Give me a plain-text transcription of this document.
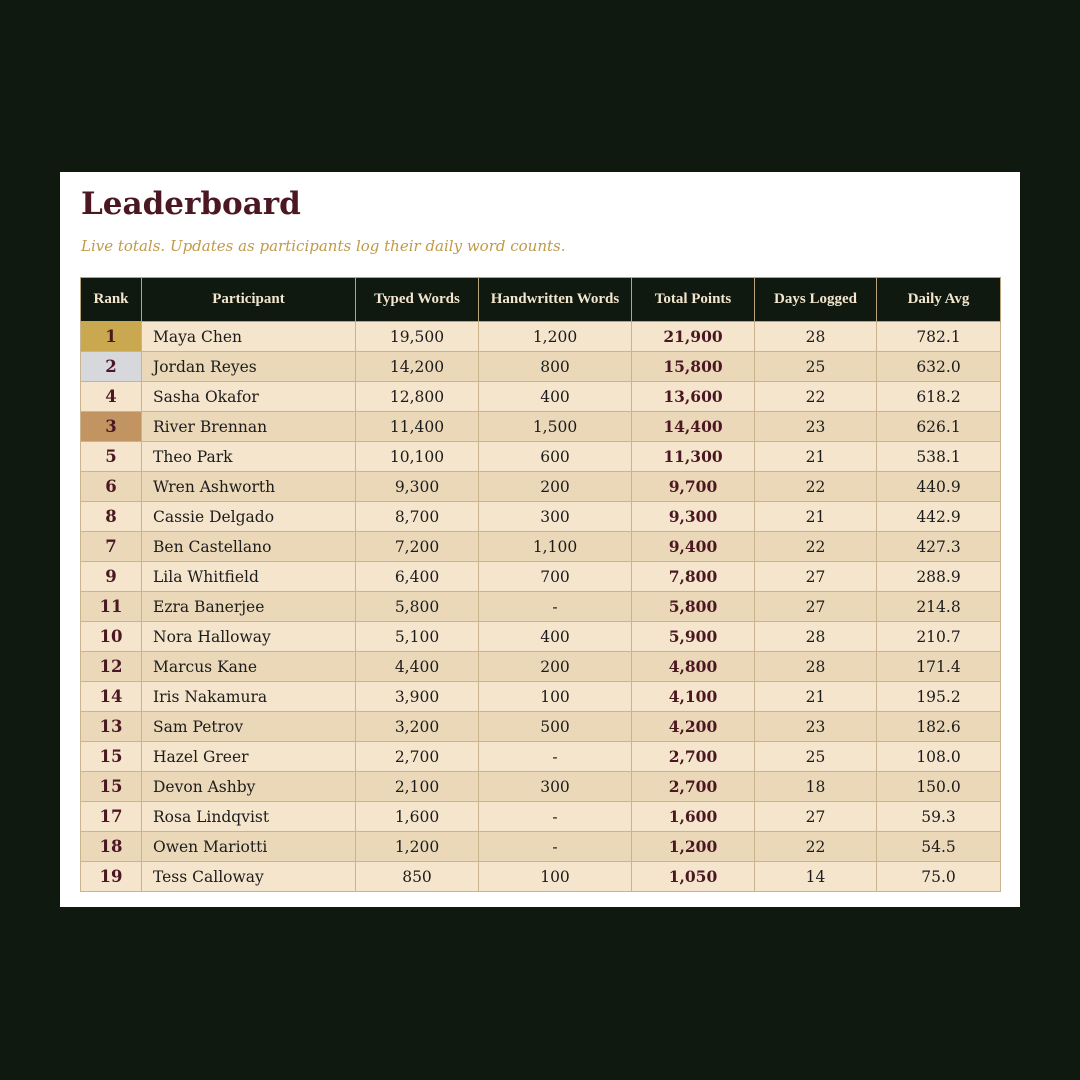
Leaderboard

Live totals. Updates as participants log their daily word counts.

Rank	Participant	Typed Words	Handwritten Words	Total Points	Days Logged	Daily Avg
1	Maya Chen	19,500	1,200	21,900	28	782.1
2	Jordan Reyes	14,200	800	15,800	25	632.0
4	Sasha Okafor	12,800	400	13,600	22	618.2
3	River Brennan	11,400	1,500	14,400	23	626.1
5	Theo Park	10,100	600	11,300	21	538.1
6	Wren Ashworth	9,300	200	9,700	22	440.9
8	Cassie Delgado	8,700	300	9,300	21	442.9
7	Ben Castellano	7,200	1,100	9,400	22	427.3
9	Lila Whitfield	6,400	700	7,800	27	288.9
11	Ezra Banerjee	5,800	-	5,800	27	214.8
10	Nora Halloway	5,100	400	5,900	28	210.7
12	Marcus Kane	4,400	200	4,800	28	171.4
14	Iris Nakamura	3,900	100	4,100	21	195.2
13	Sam Petrov	3,200	500	4,200	23	182.6
15	Hazel Greer	2,700	-	2,700	25	108.0
15	Devon Ashby	2,100	300	2,700	18	150.0
17	Rosa Lindqvist	1,600	-	1,600	27	59.3
18	Owen Mariotti	1,200	-	1,200	22	54.5
19	Tess Calloway	850	100	1,050	14	75.0
